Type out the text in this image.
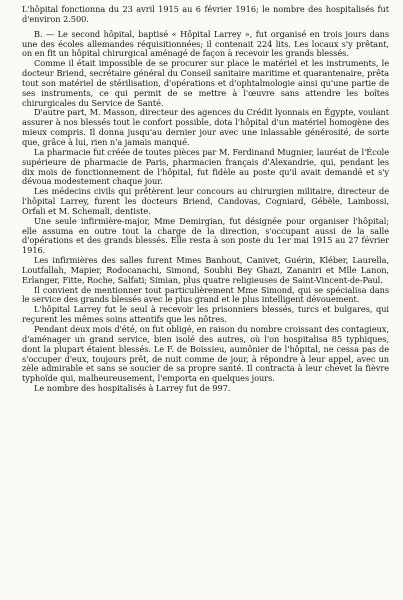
L'hôpital fonctionna du 23 avril 1915 au 6 février 1916; le nombre des hospitalisés fut d'environ 2.500.

B. — Le second hôpital, baptisé « Hôpital Larrey », fut organisé en trois jours dans une des écoles allemandes réquisitionnées; il contenait 224 lits. Les locaux s'y prêtant, on en fit un hôpital chirurgical aménagé de façon à recevoir les grands blessés.

Comme il était impossible de se procurer sur place le matériel et les instruments, le docteur Briend, secrétaire général du Conseil sanitaire maritime et quarantenaire, prêta tout son matériel de stérilisation, d'opérations et d'ophtalmologie ainsi qu'une partie de ses instruments, ce qui permit de se mettre à l'œuvre sans attendre les boîtes chirurgicales du Service de Santé.

D'autre part, M. Masson, directeur des agences du Crédit lyonnais en Égypte, voulant assurer à nos blessés tout le confort possible, dota l'hôpital d'un matériel homogène des mieux compris. Il donna jusqu'au dernier jour avec une inlassable générosité, de sorte que, grâce à lui, rien n'a jamais manqué.

La pharmacie fut créée de toutes pièces par M. Ferdinand Mugnier, lauréat de l'École supérieure de pharmacie de Paris, pharmacien français d'Alexandrie, qui, pendant les dix mois de fonctionnement de l'hôpital, fut fidèle au poste qu'il avait demandé et s'y dévoua modestement chaque jour.

Les médecins civils qui prêtèrent leur concours au chirurgien militaire, directeur de l'hôpital Larrey, furent les docteurs Briend, Candovas, Cogniard, Gébèle, Lambossi, Orfali et M. Schemali, dentiste.

Une seule infirmière-major, Mme Demirgian, fut désignée pour organiser l'hôpital; elle assuma en outre tout la charge de la direction, s'occupant aussi de la salle d'opérations et des grands blessés. Elle resta à son poste du 1er mai 1915 au 27 février 1916.

Les infirmières des salles furent Mmes Banhout, Canivet, Guérin, Kléber, Laurella, Loutfallah, Mapier, Rodocanachi, Simond, Soubhi Bey Ghazi, Zananiri et Mlle Lanon, Erlanger, Fitte, Roche, Salfati; Simian, plus quatre religieuses de Saint-Vincent-de-Paul.

Il convient de mentionner tout particulièrement Mme Simond, qui se spécialisa dans le service des grands blessés avec le plus grand et le plus intelligent dévouement.

L'hôpital Larrey fut le seul à recevoir les prisonniers blessés, turcs et bulgares, qui reçurent les mêmes soins attentifs que les nôtres.

Pendant deux mois d'été, on fut obligé, en raison du nombre croissant des contagieux, d'aménager un grand service, bien isolé des autres, où l'on hospitalisa 85 typhiques, dont la plupart étaient blessés. Le F. de Boissieu, aumônier de l'hôpital, ne cessa pas de s'occuper d'eux, toujours prêt, de nuit comme de jour, à répondre à leur appel, avec un zèle admirable et sans se soucier de sa propre santé. Il contracta à leur chevet la fièvre typhoïde qui, malheureusement, l'emporta en quelques jours.

Le nombre des hospitalisés à Larrey fut de 997.
